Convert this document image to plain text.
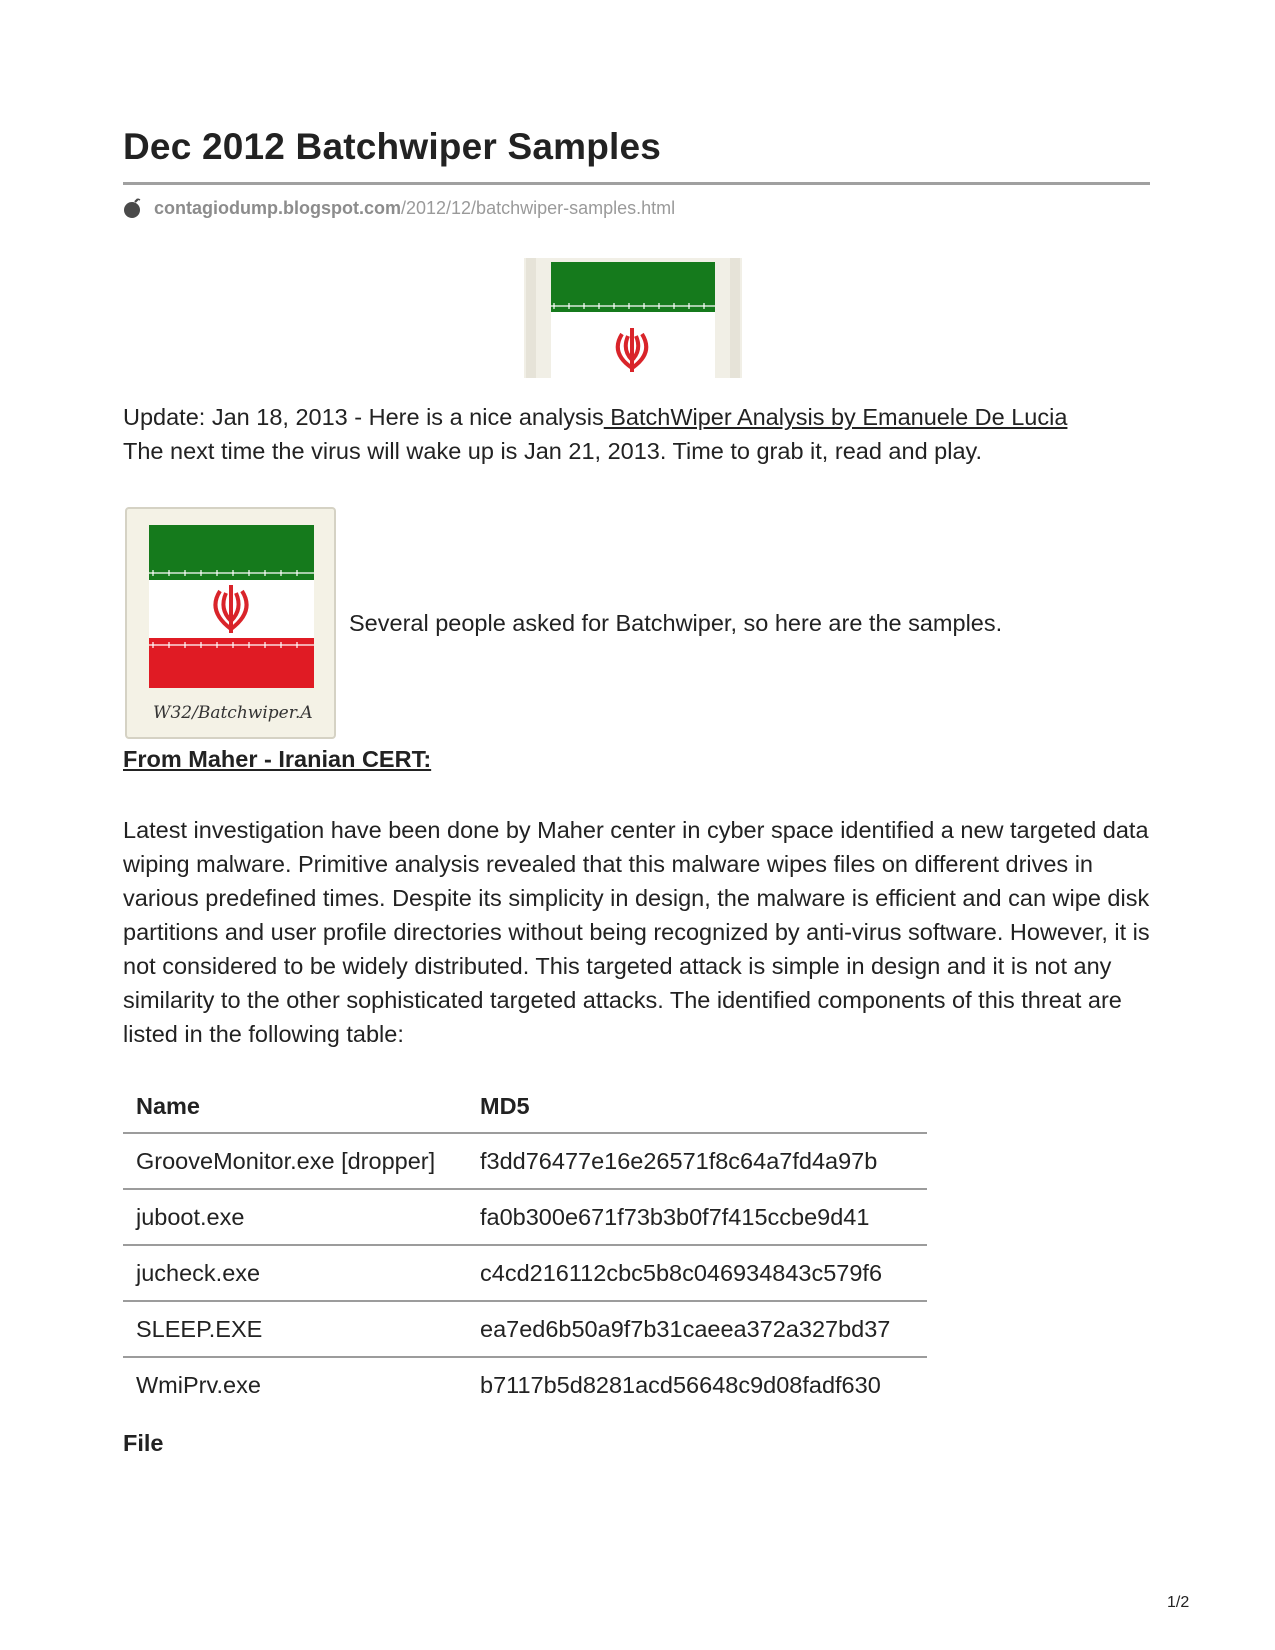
Dec 2012 Batchwiper Samples
contagiodump.blogspot.com /2012/12/batchwiper-samples.html
Update: Jan 18, 2013 - Here is a nice analysis BatchWiper Analysis by Emanuele De Lucia
The next time the virus will wake up is Jan 21, 2013. Time to grab it, read and play.
W32/Batchwiper.A

Several people asked for Batchwiper, so here are the samples.

From Maher - Iranian CERT:

Latest investigation have been done by Maher center in cyber space identified a new targeted data wiping malware. Primitive analysis revealed that this malware wipes files on different drives in various predefined times. Despite its simplicity in design, the malware is efficient and can wipe disk partitions and user profile directories without being recognized by anti-virus software. However, it is not considered to be widely distributed. This targeted attack is simple in design and it is not any similarity to the other sophisticated targeted attacks. The identified components of this threat are listed in the following table:

Name	MD5
GrooveMonitor.exe [dropper]	f3dd76477e16e26571f8c64a7fd4a97b
juboot.exe	fa0b300e671f73b3b0f7f415ccbe9d41
jucheck.exe	c4cd216112cbc5b8c046934843c579f6
SLEEP.EXE	ea7ed6b50a9f7b31caeea372a327bd37
WmiPrv.exe	b7117b5d8281acd56648c9d08fadf630

File

1/2
